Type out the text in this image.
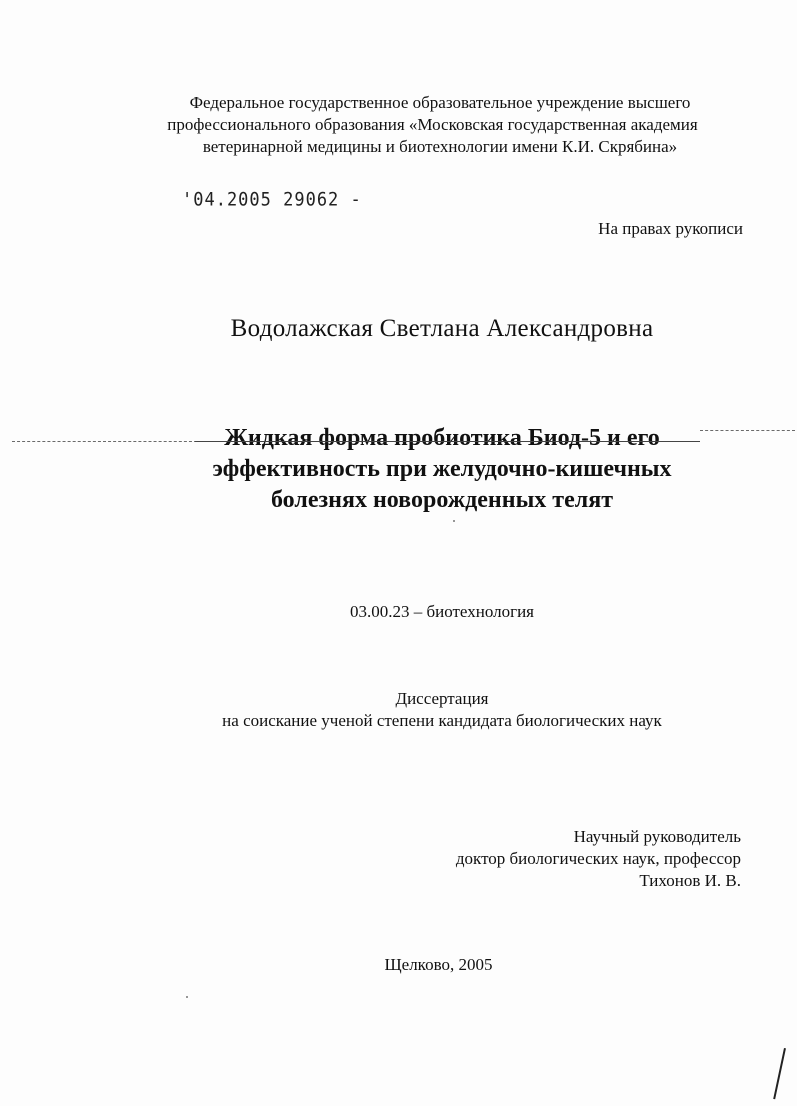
Федеральное государственное образовательное учреждение высшего
профессионального образования «Московская государственная академия
ветеринарной медицины и биотехнологии имени К.И. Скрябина»
'04.2005 29062 -
На правах рукописи
Водолажская Светлана Александровна
Жидкая форма пробиотика Биод-5 и его
эффективность при желудочно-кишечных
болезнях новорожденных телят
03.00.23 – биотехнология
Диссертация
на соискание ученой степени кандидата биологических наук
Научный руководитель
доктор биологических наук, профессор
Тихонов И. В.
Щелково, 2005
